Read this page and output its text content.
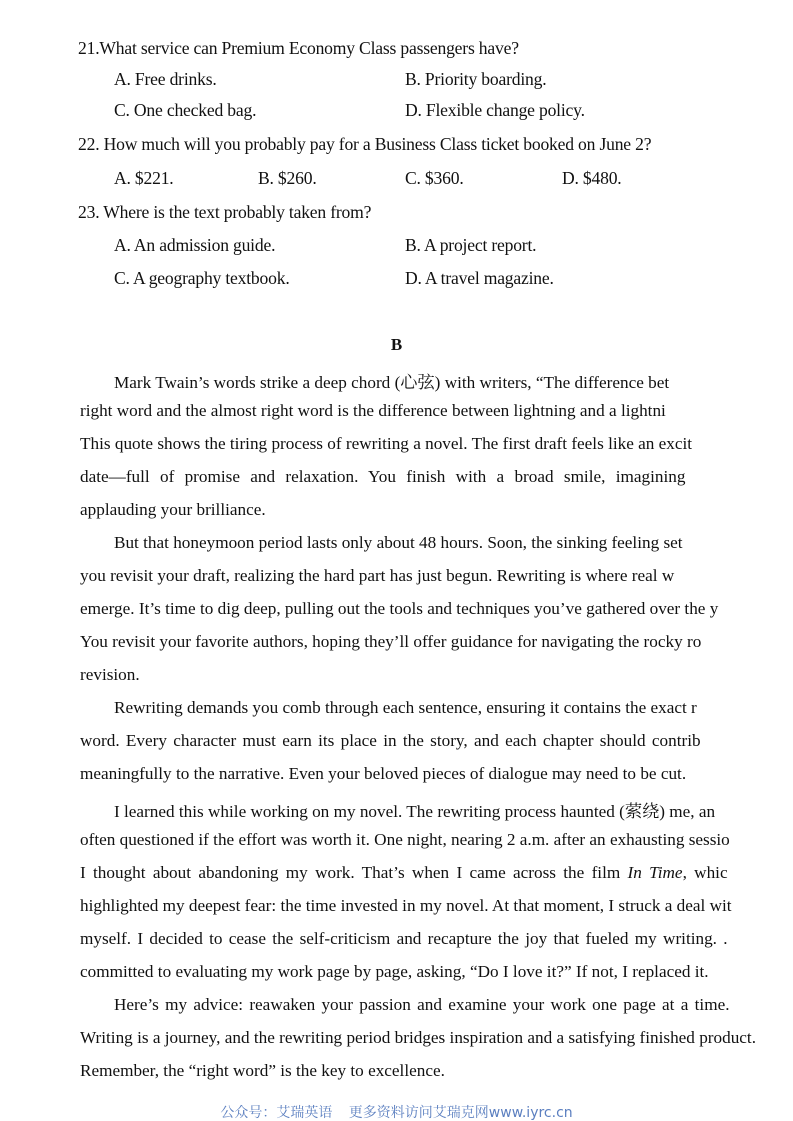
21.What service can Premium Economy Class passengers have?
A. Free drinks.	B. Priority boarding.
C. One checked bag.	D. Flexible change policy.
22. How much will you probably pay for a Business Class ticket booked on June 2?
A. $221.	B. $260.	C. $360.	D. $480.
23. Where is the text probably taken from?
A. An admission guide.	B. A project report.
C. A geography textbook.	D. A travel magazine.
B
Mark Twain’s words strike a deep chord (心弦) with writers, “The difference bet
right word and the almost right word is the difference between lightning and a lightni
This quote shows the tiring process of rewriting a novel. The first draft feels like an excit
date—full of promise and relaxation. You finish with a broad smile, imagining
applauding your brilliance.
But that honeymoon period lasts only about 48 hours. Soon, the sinking feeling set
you revisit your draft, realizing the hard part has just begun. Rewriting is where real w
emerge. It’s time to dig deep, pulling out the tools and techniques you’ve gathered over the y
You revisit your favorite authors, hoping they’ll offer guidance for navigating the rocky ro
revision.
Rewriting demands you comb through each sentence, ensuring it contains the exact r
word. Every character must earn its place in the story, and each chapter should contrib
meaningfully to the narrative. Even your beloved pieces of dialogue may need to be cut.
I learned this while working on my novel. The rewriting process haunted (萦绕) me, an
often questioned if the effort was worth it. One night, nearing 2 a.m. after an exhausting sessio
I thought about abandoning my work. That’s when I came across the film In Time, whic
highlighted my deepest fear: the time invested in my novel. At that moment, I struck a deal wit
myself. I decided to cease the self-criticism and recapture the joy that fueled my writing. .
committed to evaluating my work page by page, asking, “Do I love it?” If not, I replaced it.
Here’s my advice: reawaken your passion and examine your work one page at a time.
Writing is a journey, and the rewriting period bridges inspiration and a satisfying finished product.
Remember, the “right word” is the key to excellence.
公众号：艾瑞英语 更多资料访问艾瑞克网www.iyrc.cn
